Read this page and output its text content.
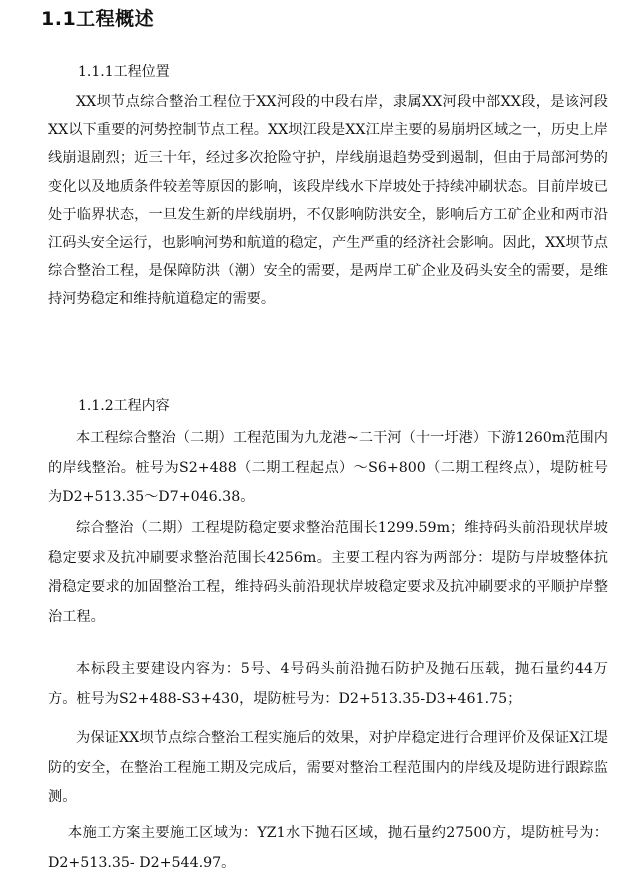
1.1工程概述
1.1.1工程位置
XX坝节点综合整治工程位于XX河段的中段右岸，隶属XX河段中部XX段，是该河段XX以下重要的河势控制节点工程。XX坝江段是XX江岸主要的易崩坍区域之一，历史上岸线崩退剧烈；近三十年，经过多次抢险守护，岸线崩退趋势受到遏制，但由于局部河势的变化以及地质条件较差等原因的影响，该段岸线水下岸坡处于持续冲刷状态。目前岸坡已处于临界状态，一旦发生新的岸线崩坍，不仅影响防洪安全，影响后方工矿企业和两市沿江码头安全运行，也影响河势和航道的稳定，产生严重的经济社会影响。因此，XX坝节点综合整治工程，是保障防洪（潮）安全的需要，是两岸工矿企业及码头安全的需要，是维持河势稳定和维持航道稳定的需要。
1.1.2工程内容
本工程综合整治（二期）工程范围为九龙港~二干河（十一圩港）下游1260m范围内的岸线整治。桩号为S2+488（二期工程起点）～S6+800（二期工程终点），堤防桩号为D2+513.35～D7+046.38。
综合整治（二期）工程堤防稳定要求整治范围长1299.59m；维持码头前沿现状岸坡稳定要求及抗冲刷要求整治范围长4256m。主要工程内容为两部分：堤防与岸坡整体抗滑稳定要求的加固整治工程，维持码头前沿现状岸坡稳定要求及抗冲刷要求的平顺护岸整治工程。
本标段主要建设内容为：5号、4号码头前沿抛石防护及抛石压载，抛石量约44万方。桩号为S2+488-S3+430，堤防桩号为：D2+513.35-D3+461.75；
为保证XX坝节点综合整治工程实施后的效果，对护岸稳定进行合理评价及保证X江堤防的安全，在整治工程施工期及完成后，需要对整治工程范围内的岸线及堤防进行跟踪监测。
本施工方案主要施工区域为：YZ1水下抛石区域，抛石量约27500方，堤防桩号为：D2+513.35- D2+544.97。
